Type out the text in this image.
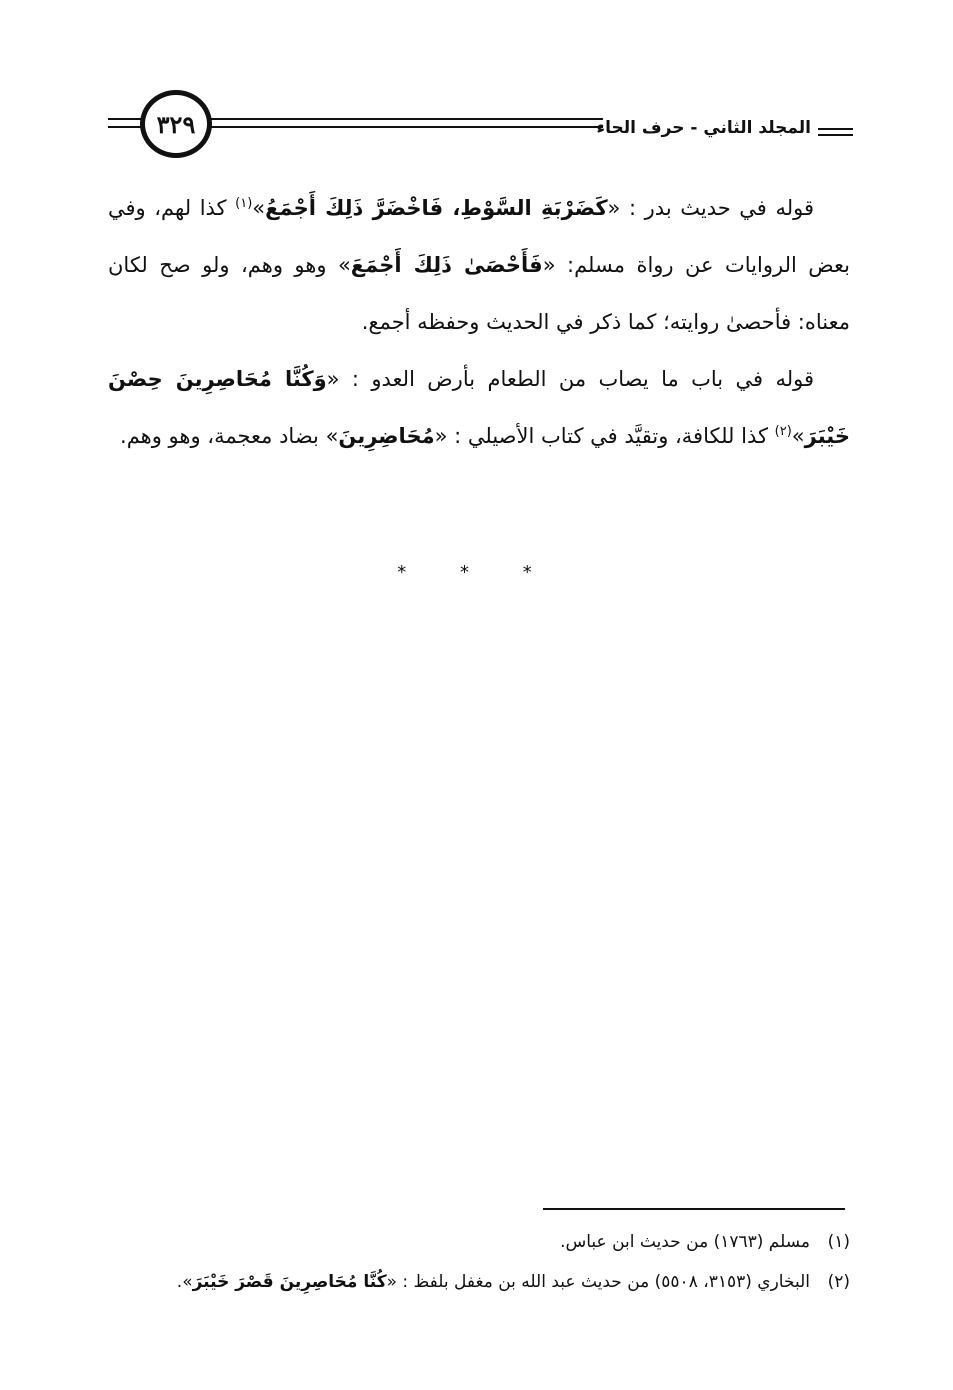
٣٢٩	المجلد الثاني - حرف الحاء

قوله في حديث بدر : «كَضَرْبَةِ السَّوْطِ، فَاخْضَرَّ ذَلِكَ أَجْمَعُ»$^{(١)}$ كذا لهم، وفي بعض الروايات عن رواة مسلم: «فَأَحْصَىٰ ذَلِكَ أَجْمَعَ» وهو وهم، ولو صح لكان معناه: فأحصىٰ روايته؛ كما ذكر في الحديث وحفظه أجمع.

قوله في باب ما يصاب من الطعام بأرض العدو : «وَكُنَّا مُحَاصِرِينَ حِصْنَ خَيْبَرَ»$^{(٢)}$ كذا للكافة، وتقيَّد في كتاب الأصيلي : «مُحَاضِرِينَ» بضاد معجمة، وهو وهم.

* * *
(١)مسلم (١٧٦٣) من حديث ابن عباس.
(٢)البخاري (٣١٥٣، ٥٥٠٨) من حديث عبد الله بن مغفل بلفظ : «كُنَّا مُحَاصِرِينَ قَصْرَ خَيْبَرَ».
